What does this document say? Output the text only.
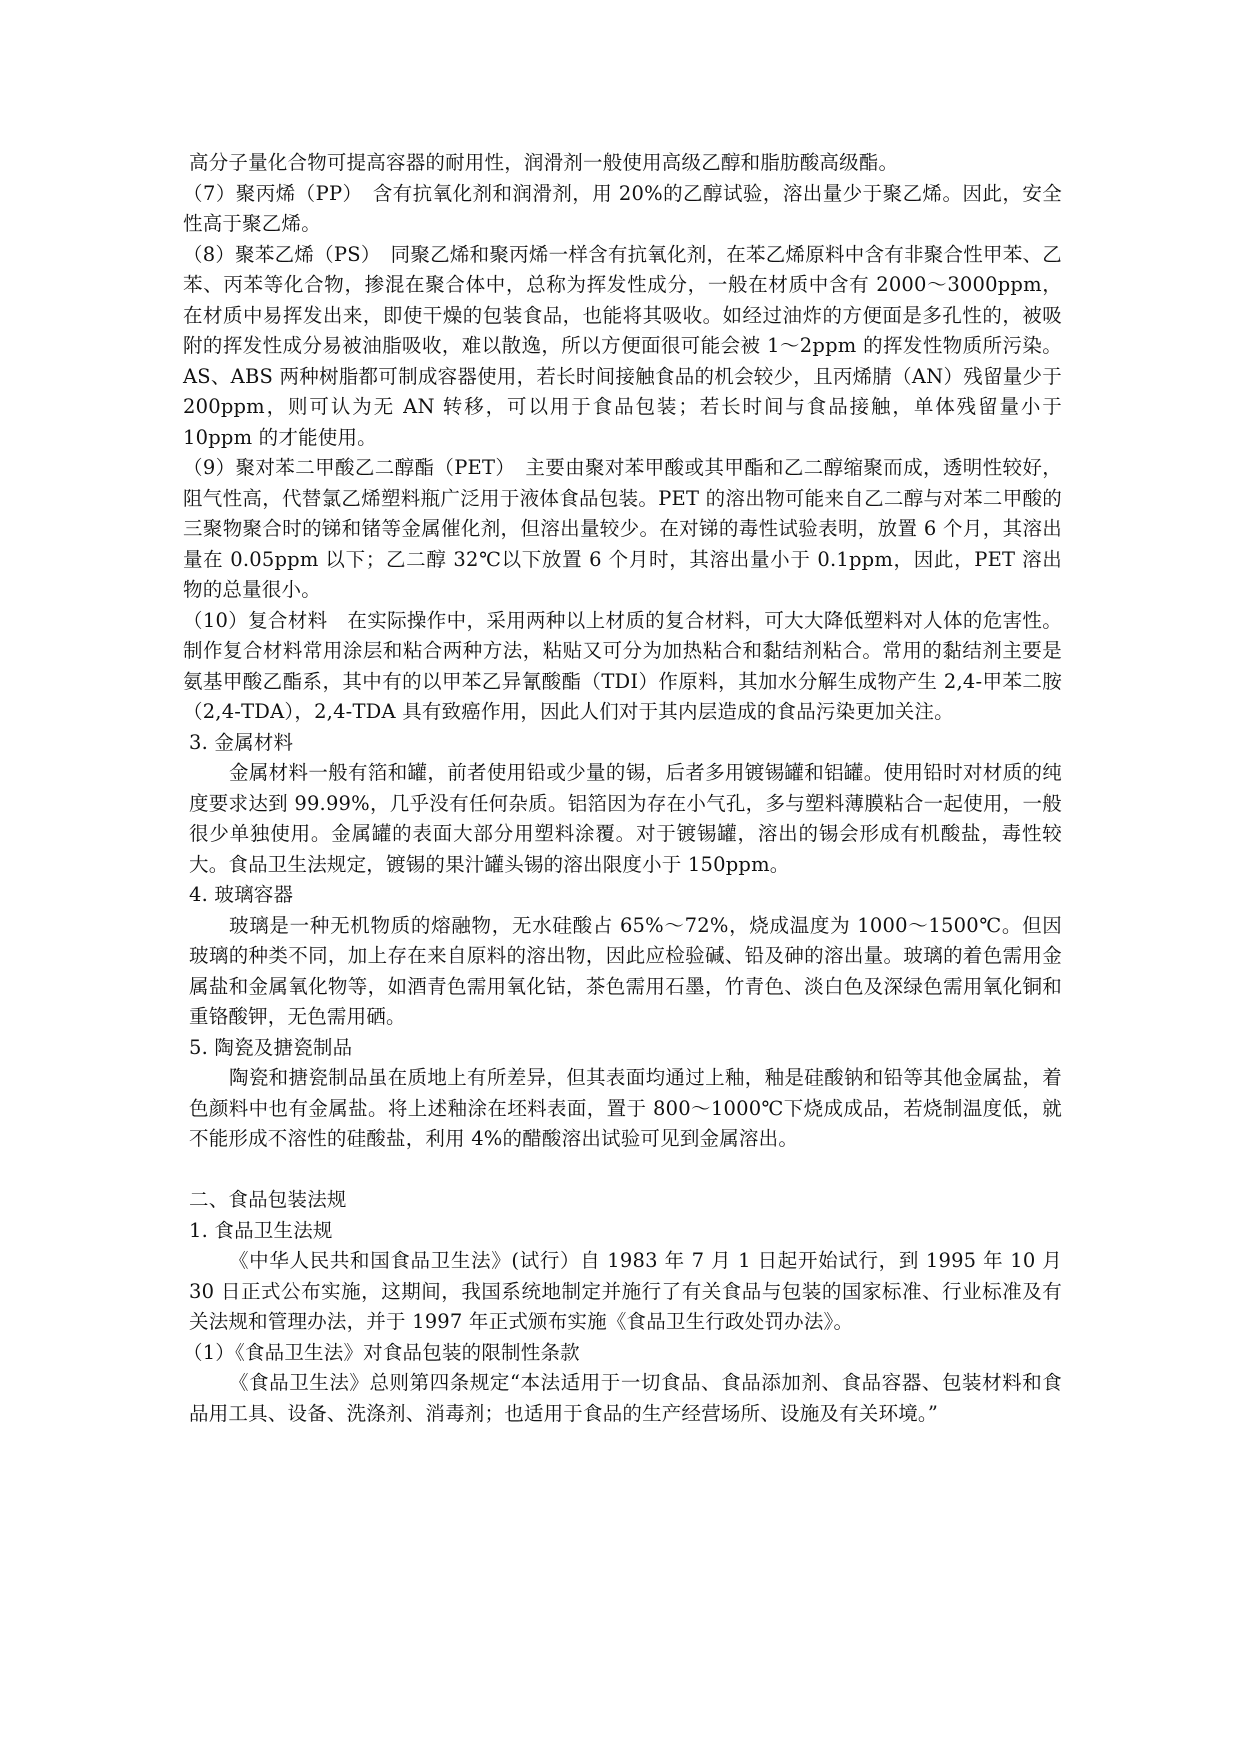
高分子量化合物可提高容器的耐用性，润滑剂一般使用高级乙醇和脂肪酸高级酯。

（7）聚丙烯（PP）　含有抗氧化剂和润滑剂，用 20%的乙醇试验，溶出量少于聚乙烯。因此，安全性高于聚乙烯。

（8）聚苯乙烯（PS）　同聚乙烯和聚丙烯一样含有抗氧化剂，在苯乙烯原料中含有非聚合性甲苯、乙苯、丙苯等化合物，掺混在聚合体中，总称为挥发性成分，一般在材质中含有 2000～3000ppm，在材质中易挥发出来，即使干燥的包装食品，也能将其吸收。如经过油炸的方便面是多孔性的，被吸附的挥发性成分易被油脂吸收，难以散逸，所以方便面很可能会被 1～2ppm 的挥发性物质所污染。AS、ABS 两种树脂都可制成容器使用，若长时间接触食品的机会较少，且丙烯腈（AN）残留量少于 200ppm，则可认为无 AN 转移，可以用于食品包装；若长时间与食品接触，单体残留量小于 10ppm 的才能使用。

（9）聚对苯二甲酸乙二醇酯（PET）　主要由聚对苯甲酸或其甲酯和乙二醇缩聚而成，透明性较好，阻气性高，代替氯乙烯塑料瓶广泛用于液体食品包装。PET 的溶出物可能来自乙二醇与对苯二甲酸的三聚物聚合时的锑和锗等金属催化剂，但溶出量较少。在对锑的毒性试验表明，放置 6 个月，其溶出量在 0.05ppm 以下；乙二醇 32℃以下放置 6 个月时，其溶出量小于 0.1ppm，因此，PET 溶出物的总量很小。

（10）复合材料　在实际操作中，采用两种以上材质的复合材料，可大大降低塑料对人体的危害性。制作复合材料常用涂层和粘合两种方法，粘贴又可分为加热粘合和黏结剂粘合。常用的黏结剂主要是氨基甲酸乙酯系，其中有的以甲苯乙异氰酸酯（TDI）作原料，其加水分解生成物产生 2,4-甲苯二胺（2,4-TDA），2,4-TDA 具有致癌作用，因此人们对于其内层造成的食品污染更加关注。

3. 金属材料

金属材料一般有箔和罐，前者使用铅或少量的锡，后者多用镀锡罐和铝罐。使用铅时对材质的纯度要求达到 99.99%，几乎没有任何杂质。铝箔因为存在小气孔，多与塑料薄膜粘合一起使用，一般很少单独使用。金属罐的表面大部分用塑料涂覆。对于镀锡罐，溶出的锡会形成有机酸盐，毒性较大。食品卫生法规定，镀锡的果汁罐头锡的溶出限度小于 150ppm。

4. 玻璃容器

玻璃是一种无机物质的熔融物，无水硅酸占 65%～72%，烧成温度为 1000～1500℃。但因玻璃的种类不同，加上存在来自原料的溶出物，因此应检验碱、铅及砷的溶出量。玻璃的着色需用金属盐和金属氧化物等，如酒青色需用氧化钴，茶色需用石墨，竹青色、淡白色及深绿色需用氧化铜和重铬酸钾，无色需用硒。

5. 陶瓷及搪瓷制品

陶瓷和搪瓷制品虽在质地上有所差异，但其表面均通过上釉，釉是硅酸钠和铅等其他金属盐，着色颜料中也有金属盐。将上述釉涂在坯料表面，置于 800～1000℃下烧成成品，若烧制温度低，就不能形成不溶性的硅酸盐，利用 4%的醋酸溶出试验可见到金属溶出。

二、食品包装法规

1. 食品卫生法规

《中华人民共和国食品卫生法》(试行）自 1983 年 7 月 1 日起开始试行，到 1995 年 10 月 30 日正式公布实施，这期间，我国系统地制定并施行了有关食品与包装的国家标准、行业标准及有关法规和管理办法，并于 1997 年正式颁布实施《食品卫生行政处罚办法》。

（1）《食品卫生法》对食品包装的限制性条款

《食品卫生法》总则第四条规定“本法适用于一切食品、食品添加剂、食品容器、包装材料和食品用工具、设备、洗涤剂、消毒剂；也适用于食品的生产经营场所、设施及有关环境。”
